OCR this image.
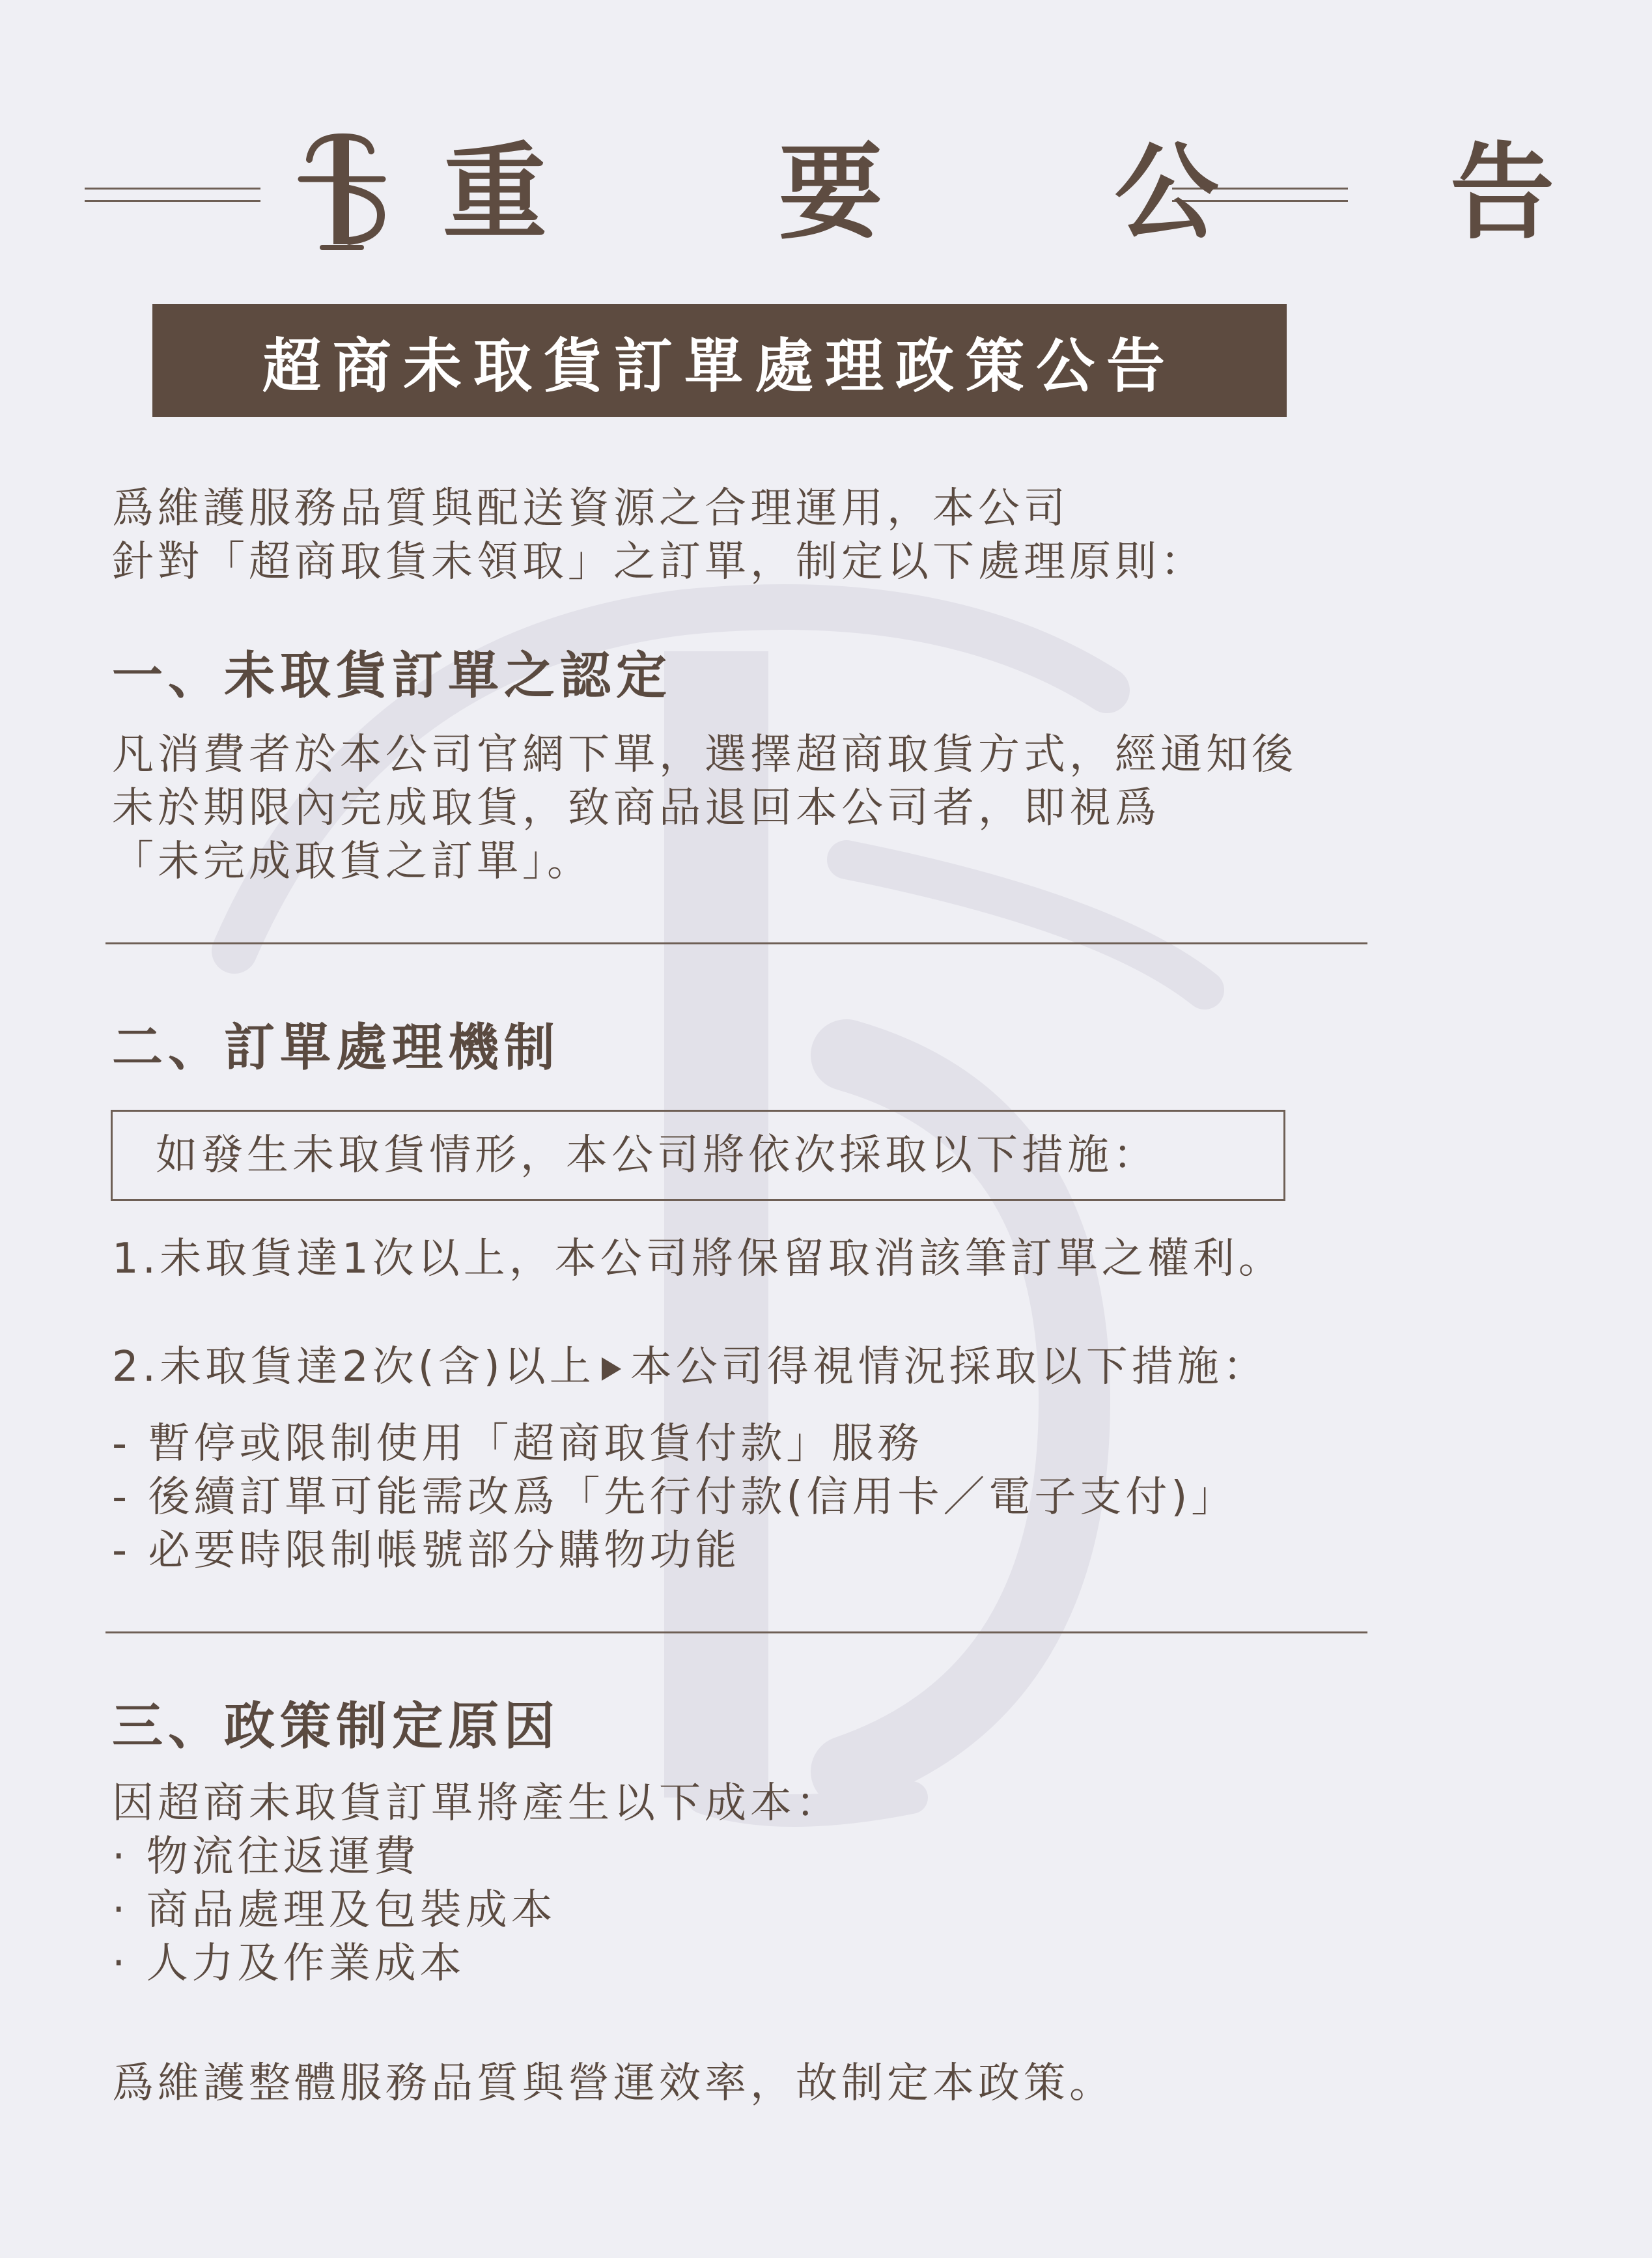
重 要 公 告
超商未取貨訂單處理政策公告
爲維護服務品質與配送資源之合理運用，本公司
針對「超商取貨未領取」之訂單，制定以下處理原則：
一、未取貨訂單之認定
凡消費者於本公司官網下單，選擇超商取貨方式，經通知後
未於期限內完成取貨，致商品退回本公司者，即視爲
「未完成取貨之訂單」。
二、訂單處理機制
如發生未取貨情形，本公司將依次採取以下措施：
1.未取貨達1次以上，本公司將保留取消該筆訂單之權利。
2.未取貨達2次(含)以上 本公司得視情況採取以下措施：
- 暫停或限制使用「超商取貨付款」服務
- 後續訂單可能需改爲「先行付款(信用卡／電子支付)」
- 必要時限制帳號部分購物功能
三、政策制定原因
因超商未取貨訂單將產生以下成本：
· 物流往返運費
· 商品處理及包裝成本
· 人力及作業成本
爲維護整體服務品質與營運效率，故制定本政策。
